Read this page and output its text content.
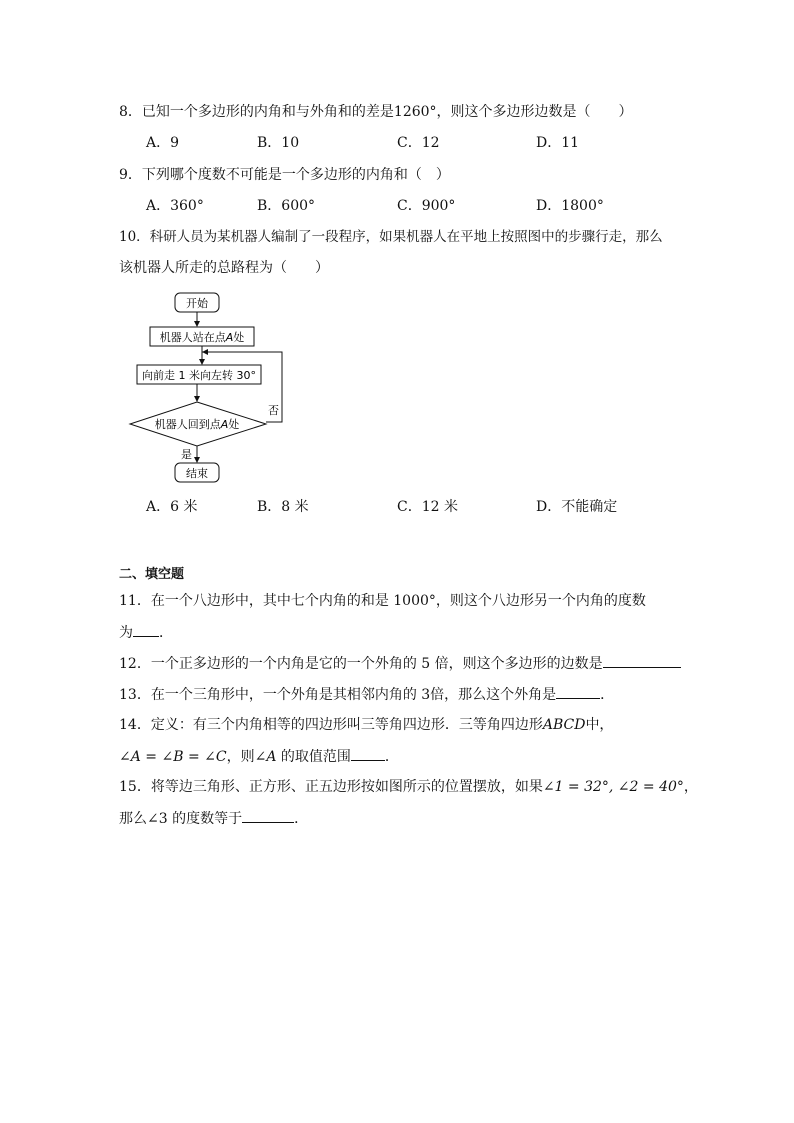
8．已知一个多边形的内角和与外角和的差是1260°，则这个多边形边数是（　　）
A．9	B．10	C．12	D．11
9．下列哪个度数不可能是一个多边形的内角和（　）
A．360°	B．600°	C．900°	D．1800°
10．科研人员为某机器人编制了一段程序，如果机器人在平地上按照图中的步骤行走，那么
该机器人所走的总路程为（　　）
开始
机器人站在点A处
否
向前走 1 米向左转 30°
机器人回到点A处
是
结束
A．6 米	B．8 米	C．12 米	D．不能确定
二、填空题
11．在一个八边形中，其中七个内角的和是 1000°，则这个八边形另一个内角的度数
为 ．
12．一个正多边形的一个内角是它的一个外角的 5 倍，则这个多边形的边数是
13．在一个三角形中，一个外角是其相邻内角的 3倍，那么这个外角是	．
14．定义：有三个内角相等的四边形叫三等角四边形．三等角四边形ABCD中，
∠A = ∠B = ∠C，则∠A 的取值范围 ．
15．将等边三角形、正方形、正五边形按如图所示的位置摆放，如果∠1 = 32°, ∠2 = 40°，
那么∠3 的度数等于	．
